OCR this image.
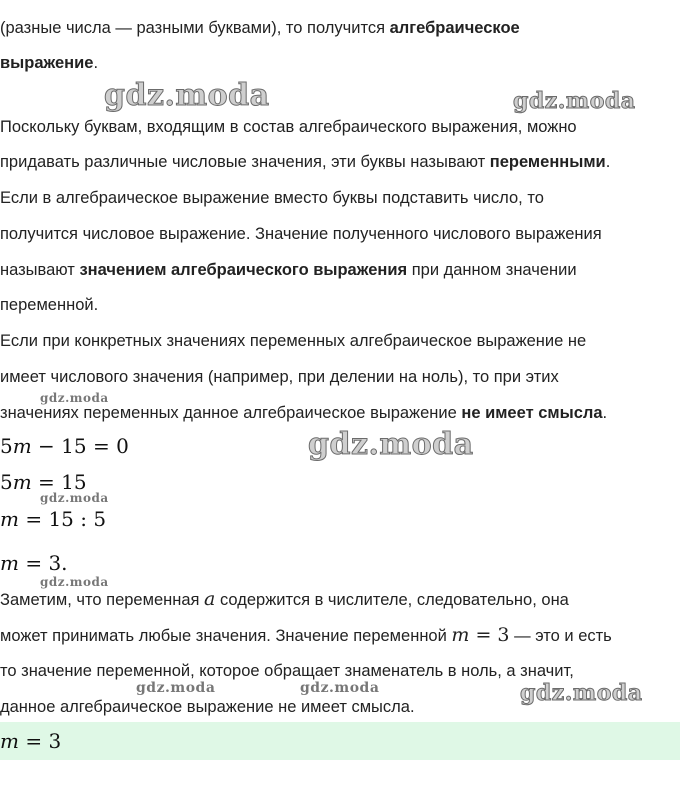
(разные числа — разными буквами), то получится алгебраическое
выражение.
gdz.moda	gdz.moda
Поскольку буквам, входящим в состав алгебраического выражения, можно
придавать различные числовые значения, эти буквы называют переменными.
Если в алгебраическое выражение вместо буквы подставить число, то
получится числовое выражение. Значение полученного числового выражения
называют значением алгебраического выражения при данном значении
переменной.
Если при конкретных значениях переменных алгебраическое выражение не
имеет числового значения (например, при делении на ноль), то при этих
gdz.moda
значениях переменных данное алгебраическое выражение не имеет смысла.
5m − 15 = 0	gdz.moda
5m = 15
gdz.moda
m = 15 : 5
m = 3.
gdz.moda
Заметим, что переменная a содержится в числителе, следовательно, она
может принимать любые значения. Значение переменной m = 3 — это и есть
то значение переменной, которое обращает знаменатель в ноль, а значит,
gdz.moda	gdz.moda	gdz.moda
данное алгебраическое выражение не имеет смысла.
m = 3
